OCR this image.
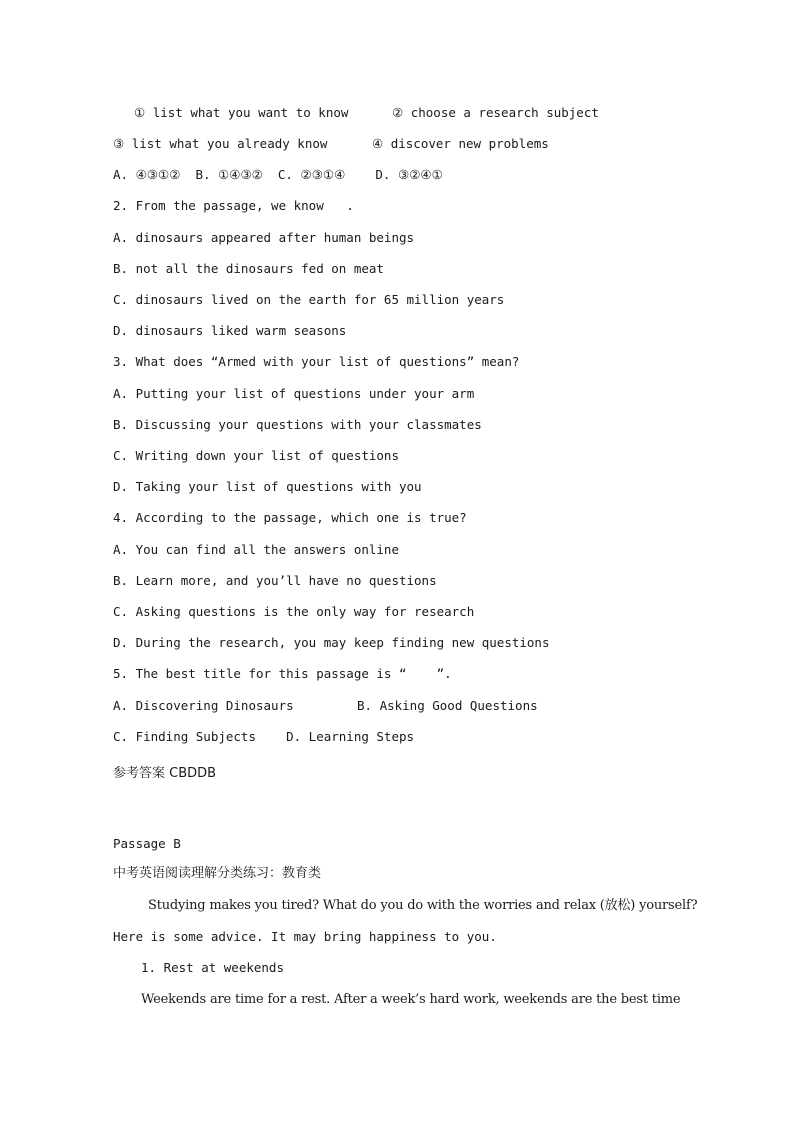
① list what you want to know	② choose a research subject
③ list what you already know	④ discover new problems
A. ④③①②  B. ①④③②  C. ②③①④    D. ③②④①
2. From the passage, we know   .
A. dinosaurs appeared after human beings
B. not all the dinosaurs fed on meat
C. dinosaurs lived on the earth for 65 million years
D. dinosaurs liked warm seasons
3. What does “Armed with your list of questions” mean?
A. Putting your list of questions under your arm
B. Discussing your questions with your classmates
C. Writing down your list of questions
D. Taking your list of questions with you
4. According to the passage, which one is true?
A. You can find all the answers online
B. Learn more, and you’ll have no questions
C. Asking questions is the only way for research
D. During the research, you may keep finding new questions
5. The best title for this passage is “    ”.
A. Discovering Dinosaurs	B. Asking Good Questions
C. Finding Subjects    D. Learning Steps
参考答案 CBDDB
Passage B
中考英语阅读理解分类练习：教育类
Studying makes you tired? What do you do with the worries and relax (放松) yourself?
Here is some advice. It may bring happiness to you.
1. Rest at weekends
Weekends are time for a rest. After a week’s hard work, weekends are the best time
